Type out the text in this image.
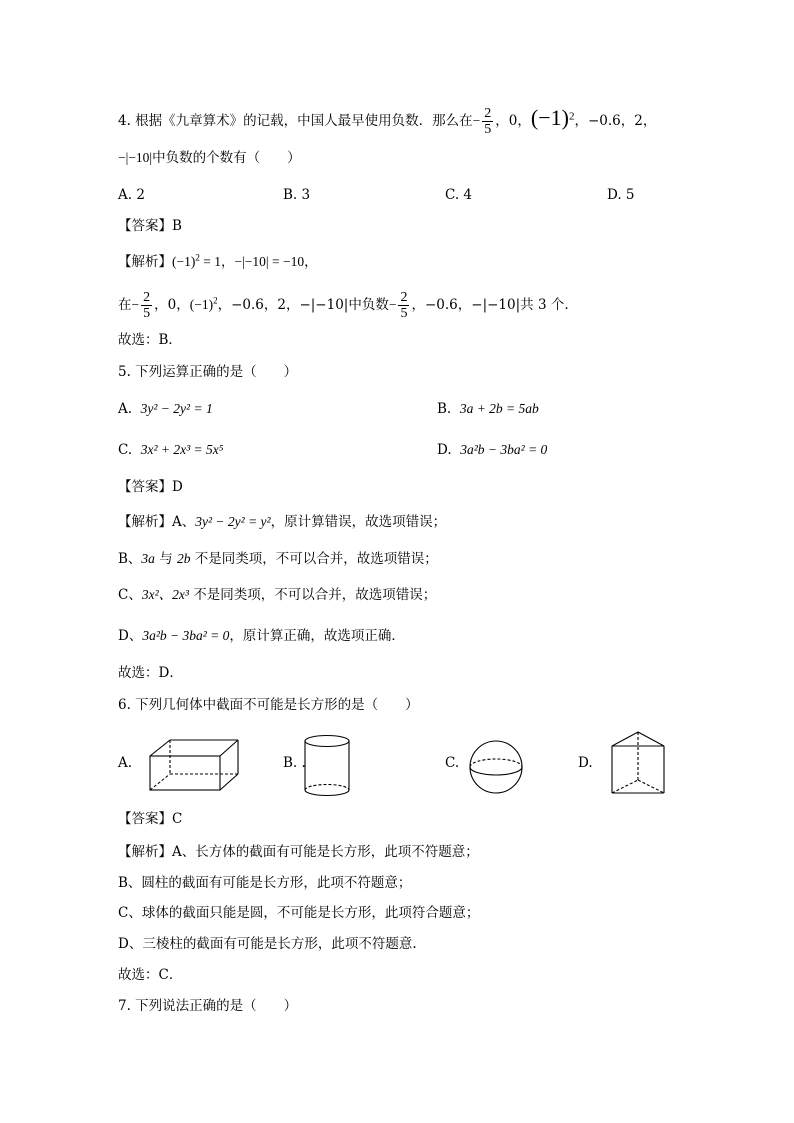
4. 根据《九章算术》的记载，中国人最早使用负数．那么在− $\frac{2}{5}$ ，0，$(-1)^2$，−0.6，2，
−|−10|中负数的个数有（　　）
A. 2	B. 3	C. 4	D. 5
【答案】B
【解析】$(-1)^2 = 1$，−|−10| = −10，
在− $\frac{2}{5}$ ，0，$(-1)^2$，−0.6，2，−|−10|中负数− $\frac{2}{5}$ ，−0.6，−|−10|共 3 个.
故选：B．
5. 下列运算正确的是（　　）
A. 3y² − 2y² = 1	B. 3a + 2b = 5ab
C. 3x² + 2x³ = 5x⁵	D. 3a²b − 3ba² = 0
【答案】D
【解析】A、3y² − 2y² = y²，原计算错误，故选项错误；
B、3a 与 2b 不是同类项，不可以合并，故选项错误；
C、3x²、2x³ 不是同类项，不可以合并，故选项错误；
D、3a²b − 3ba² = 0，原计算正确，故选项正确．
故选：D．
6. 下列几何体中截面不可能是长方形的是（　　）
A.	B. .	C.	D.
【答案】C
【解析】A、长方体的截面有可能是长方形，此项不符题意；
B、圆柱的截面有可能是长方形，此项不符题意；
C、球体的截面只能是圆，不可能是长方形，此项符合题意；
D、三棱柱的截面有可能是长方形，此项不符题意.
故选：C．
7. 下列说法正确的是（　　）
